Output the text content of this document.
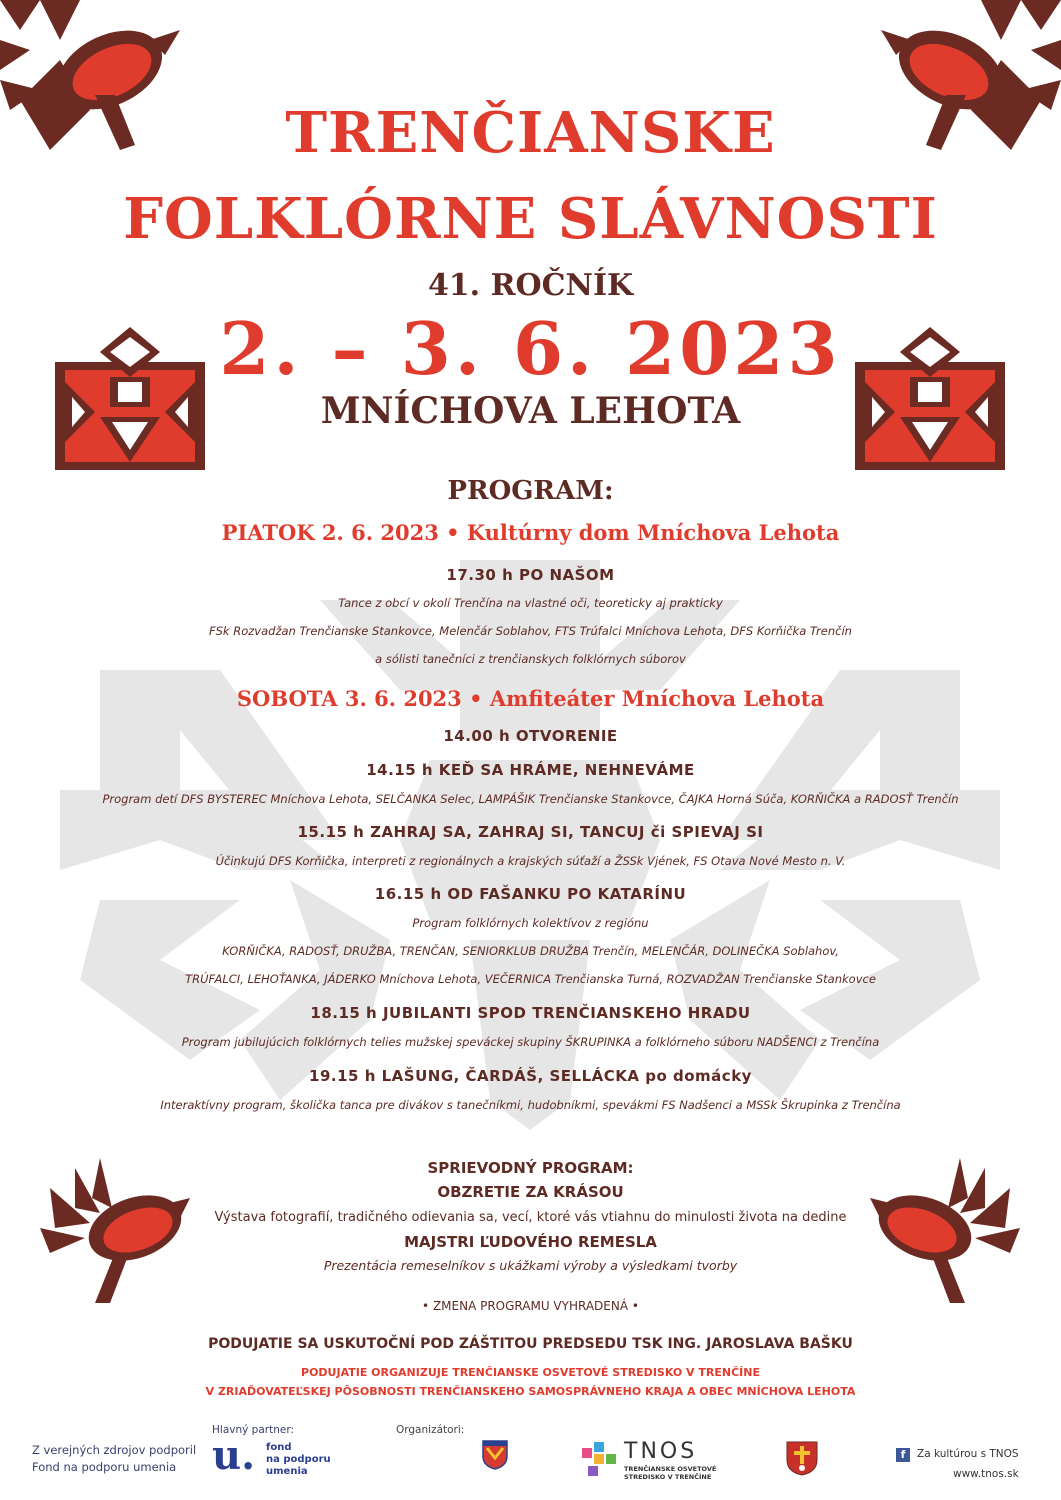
TRENČIANSKE
FOLKLÓRNE SLÁVNOSTI
41. ROČNÍK
2. – 3. 6. 2023
MNÍCHOVA LEHOTA
PROGRAM:
PIATOK 2. 6. 2023 • Kultúrny dom Mníchova Lehota
17.30 h PO NAŠOM
Tance z obcí v okolí Trenčína na vlastné oči, teoreticky aj prakticky
FSk Rozvadžan Trenčianske Stankovce, Melenčár Soblahov, FTS Trúfalci Mníchova Lehota, DFS Korňička Trenčín
a sólisti tanečníci z trenčianskych folklórnych súborov
SOBOTA 3. 6. 2023 • Amfiteáter Mníchova Lehota
14.00 h OTVORENIE
14.15 h KEĎ SA HRÁME, NEHNEVÁME
Program detí DFS BYSTEREC Mníchova Lehota, SELČANKA Selec, LAMPÁŠIK Trenčianske Stankovce, ČAJKA Horná Súča, KORŇIČKA a RADOSŤ Trenčín
15.15 h ZAHRAJ SA, ZAHRAJ SI, TANCUJ či SPIEVAJ SI
Účinkujú DFS Korňička, interpreti z regionálnych a krajských súťaží a ŽSSk Vjének, FS Otava Nové Mesto n. V.
16.15 h OD FAŠANKU PO KATARÍNU
Program folklórnych kolektívov z regiónu
KORŇIČKA, RADOSŤ, DRUŽBA, TRENČAN, SENIORKLUB DRUŽBA Trenčín, MELENČÁR, DOLINEČKA Soblahov,
TRÚFALCI, LEHOŤANKA, JÁDERKO Mníchova Lehota, VEČERNICA Trenčianska Turná, ROZVADŽAN Trenčianske Stankovce
18.15 h JUBILANTI SPOD TRENČIANSKEHO HRADU
Program jubilujúcich folklórnych telies mužskej speváckej skupiny ŠKRUPINKA a folklórneho súboru NADŠENCI z Trenčína
19.15 h LAŠUNG, ČARDÁŠ, SELLÁCKA po domácky
Interaktívny program, školička tanca pre divákov s tanečníkmi, hudobníkmi, spevákmi FS Nadšenci a MSSk Škrupinka z Trenčína
SPRIEVODNÝ PROGRAM:
OBZRETIE ZA KRÁSOU
Výstava fotografií, tradičného odievania sa, vecí, ktoré vás vtiahnu do minulosti života na dedine
MAJSTRI ĽUDOVÉHO REMESLA
Prezentácia remeselníkov s ukážkami výroby a výsledkami tvorby
• ZMENA PROGRAMU VYHRADENÁ •
PODUJATIE SA USKUTOČNÍ POD ZÁŠTITOU PREDSEDU TSK ING. JAROSLAVA BAŠKU
PODUJATIE ORGANIZUJE TRENČIANSKE OSVETOVÉ STREDISKO V TRENČÍNE
V ZRIAĎOVATEĽSKEJ PÔSOBNOSTI TRENČIANSKEHO SAMOSPRÁVNEHO KRAJA A OBEC MNÍCHOVA LEHOTA
Z verejných zdrojov podporil
Fond na podporu umenia
Hlavný partner:
u. fond
na podporu
umenia
Organizátori:
TNOS
TRENČIANSKE OSVETOVÉ
STREDISKO V TRENČÍNE
f	Za kultúrou s TNOS
www.tnos.sk
